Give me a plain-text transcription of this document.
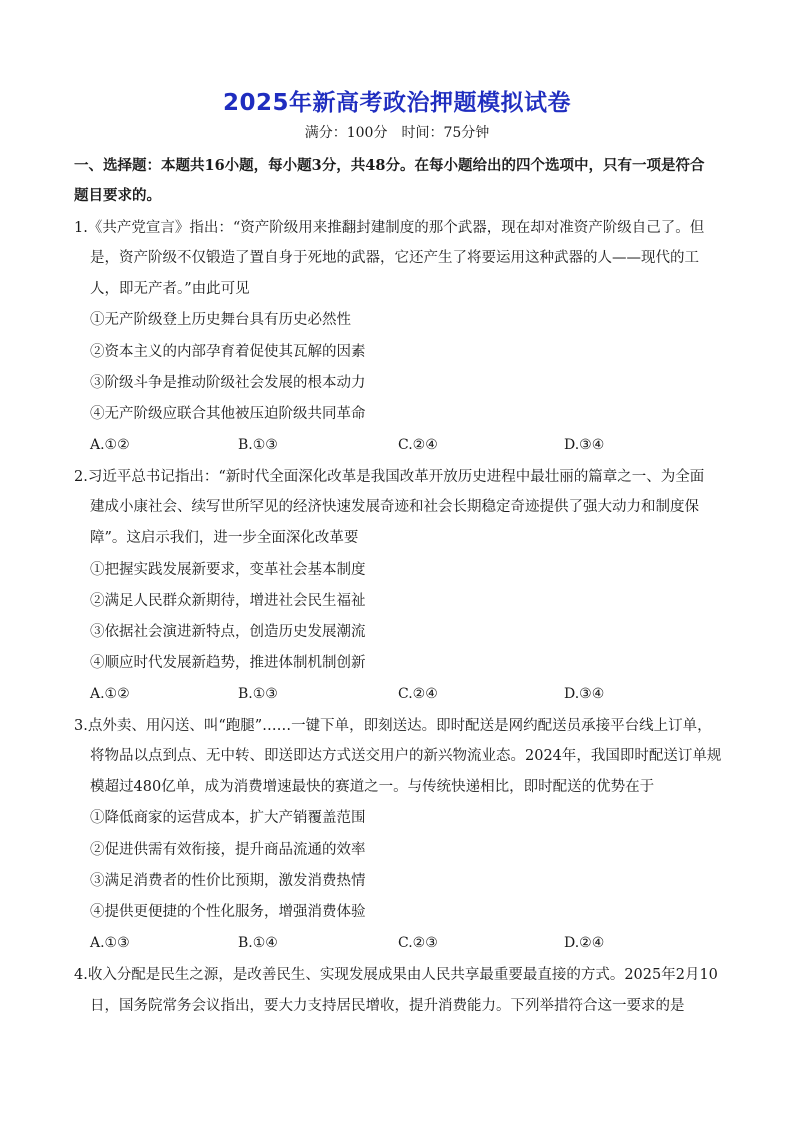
2025年新高考政治押题模拟试卷
满分：100分　时间：75分钟
一、选择题：本题共16小题，每小题3分，共48分。在每小题给出的四个选项中，只有一项是符合
题目要求的。
1.《共产党宣言》指出：“资产阶级用来推翻封建制度的那个武器，现在却对准资产阶级自己了。但
是，资产阶级不仅锻造了置自身于死地的武器，它还产生了将要运用这种武器的人——现代的工
人，即无产者。”由此可见
①无产阶级登上历史舞台具有历史必然性
②资本主义的内部孕育着促使其瓦解的因素
③阶级斗争是推动阶级社会发展的根本动力
④无产阶级应联合其他被压迫阶级共同革命
A.①②	B.①③	C.②④	D.③④
2.习近平总书记指出：“新时代全面深化改革是我国改革开放历史进程中最壮丽的篇章之一、为全面
建成小康社会、续写世所罕见的经济快速发展奇迹和社会长期稳定奇迹提供了强大动力和制度保
障”。这启示我们，进一步全面深化改革要
①把握实践发展新要求，变革社会基本制度
②满足人民群众新期待，增进社会民生福祉
③依据社会演进新特点，创造历史发展潮流
④顺应时代发展新趋势，推进体制机制创新
A.①②	B.①③	C.②④	D.③④
3.点外卖、用闪送、叫“跑腿”……一键下单，即刻送达。即时配送是网约配送员承接平台线上订单，
将物品以点到点、无中转、即送即达方式送交用户的新兴物流业态。2024年，我国即时配送订单规
模超过480亿单，成为消费增速最快的赛道之一。与传统快递相比，即时配送的优势在于
①降低商家的运营成本，扩大产销覆盖范围
②促进供需有效衔接，提升商品流通的效率
③满足消费者的性价比预期，激发消费热情
④提供更便捷的个性化服务，增强消费体验
A.①③	B.①④	C.②③	D.②④
4.收入分配是民生之源，是改善民生、实现发展成果由人民共享最重要最直接的方式。2025年2月10
日，国务院常务会议指出，要大力支持居民增收，提升消费能力。下列举措符合这一要求的是
